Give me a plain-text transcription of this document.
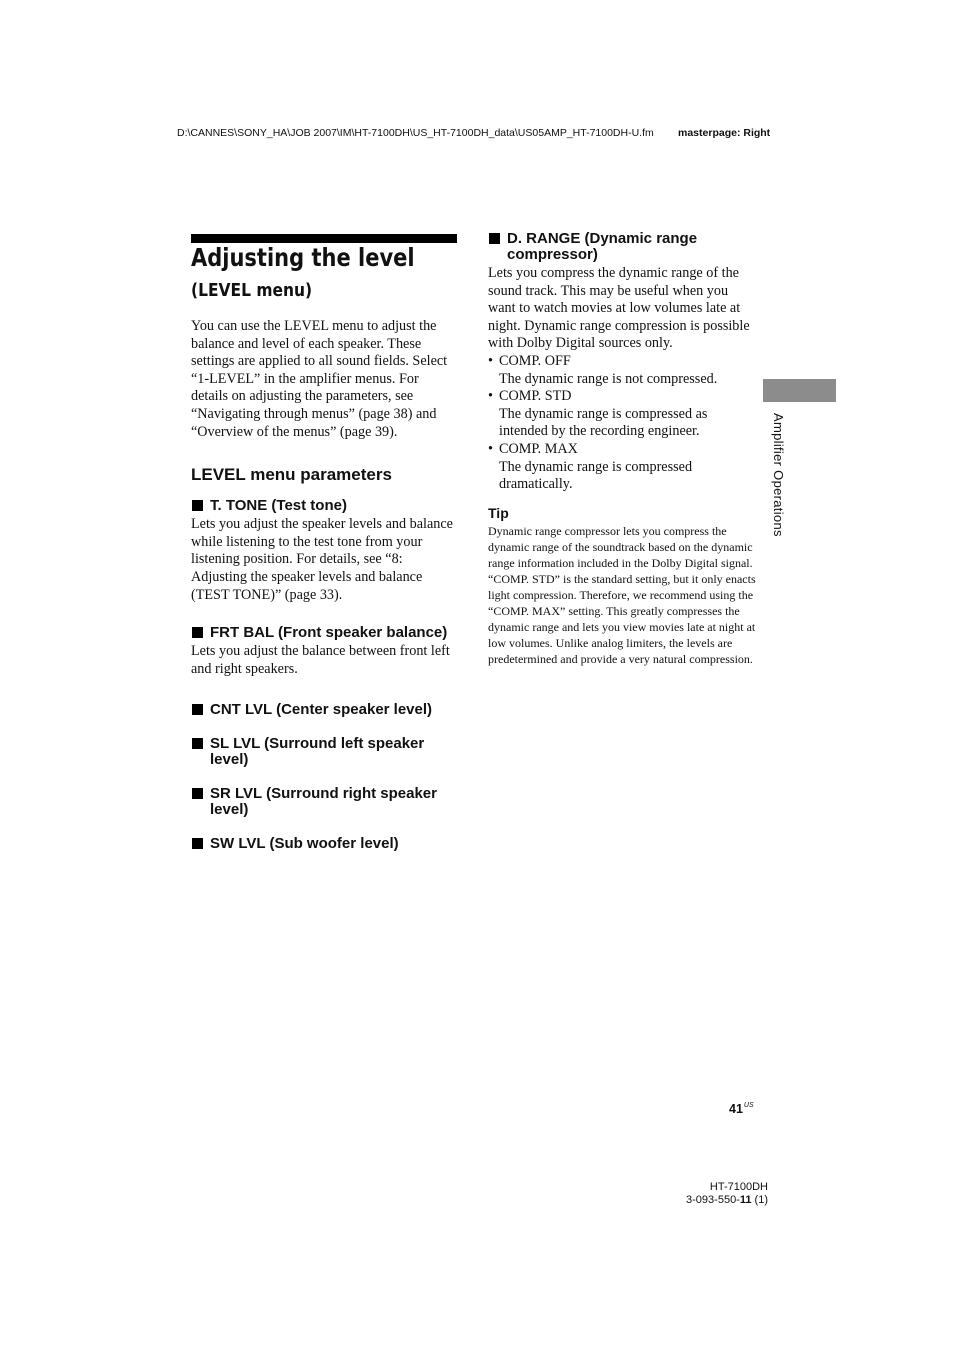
D:\CANNES\SONY_HA\JOB 2007\IM\HT-7100DH\US_HT-7100DH_data\US05AMP_HT-7100DH-U.fm	masterpage: Right
Adjusting the level
(LEVEL menu)

You can use the LEVEL menu to adjust the balance and level of each speaker. These settings are applied to all sound fields. Select “1-LEVEL” in the amplifier menus. For details on adjusting the parameters, see “Navigating through menus” (page 38) and “Overview of the menus” (page 39).

LEVEL menu parameters
T. TONE (Test tone)

Lets you adjust the speaker levels and balance while listening to the test tone from your listening position. For details, see “8: Adjusting the speaker levels and balance (TEST TONE)” (page 33).

FRT BAL (Front speaker balance)

Lets you adjust the balance between front left and right speakers.

CNT LVL (Center speaker level)
SL LVL (Surround left speaker level)
SR LVL (Surround right speaker level)
SW LVL (Sub woofer level)
D. RANGE (Dynamic range compressor)

Lets you compress the dynamic range of the sound track. This may be useful when you want to watch movies at low volumes late at night. Dynamic range compression is possible with Dolby Digital sources only.

• COMP. OFF
The dynamic range is not compressed.
• COMP. STD
The dynamic range is compressed as intended by the recording engineer.
• COMP. MAX
The dynamic range is compressed dramatically.
Tip

Dynamic range compressor lets you compress the dynamic range of the soundtrack based on the dynamic range information included in the Dolby Digital signal.

“COMP. STD” is the standard setting, but it only enacts light compression. Therefore, we recommend using the “COMP. MAX” setting. This greatly compresses the dynamic range and lets you view movies late at night at low volumes. Unlike analog limiters, the levels are predetermined and provide a very natural compression.

Amplifier Operations
$41^{US}$
HT-7100DH
3-093-550-11 (1)
